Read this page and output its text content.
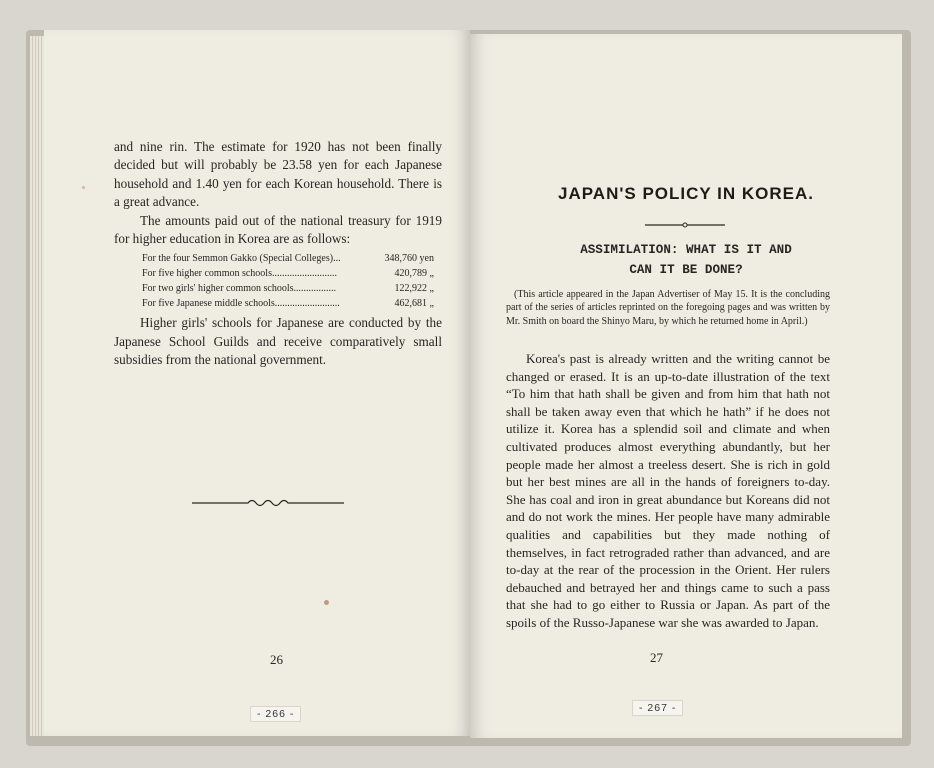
and nine rin. The estimate for 1920 has not been finally decided but will probably be 23.58 yen for each Japanese household and 1.40 yen for each Korean household. There is a great advance.

The amounts paid out of the national treasury for 1919 for higher education in Korea are as follows:

For the four Semmon Gakko (Special Colleges)...	348,760 yen
For five higher common schools..........................	420,789 „
For two girls' higher common schools.................	122,922 „
For five Japanese middle schools..........................	462,681 „

Higher girls' schools for Japanese are conducted by the Japanese School Guilds and receive comparatively small subsidies from the national government.

26
- 266 -
JAPAN'S POLICY IN KOREA.
ASSIMILATION: WHAT IS IT AND
CAN IT BE DONE?
(This article appeared in the Japan Advertiser of May 15. It is the concluding part of the series of articles reprinted on the foregoing pages and was written by Mr. Smith on board the Shinyo Maru, by which he returned home in April.)

Korea's past is already written and the writing cannot be changed or erased. It is an up-to-date illustration of the text “To him that hath shall be given and from him that hath not shall be taken away even that which he hath” if he does not utilize it. Korea has a splendid soil and climate and when cultivated produces almost everything abundantly, but her people made her almost a treeless desert. She is rich in gold but her best mines are all in the hands of foreigners to-day. She has coal and iron in great abundance but Koreans did not and do not work the mines. Her people have many admirable qualities and capabilities but they made nothing of themselves, in fact retrograded rather than advanced, and are to-day at the rear of the procession in the Orient. Her rulers debauched and betrayed her and things came to such a pass that she had to go either to Russia or Japan. As part of the spoils of the Russo-Japanese war she was awarded to Japan.

27
- 267 -
